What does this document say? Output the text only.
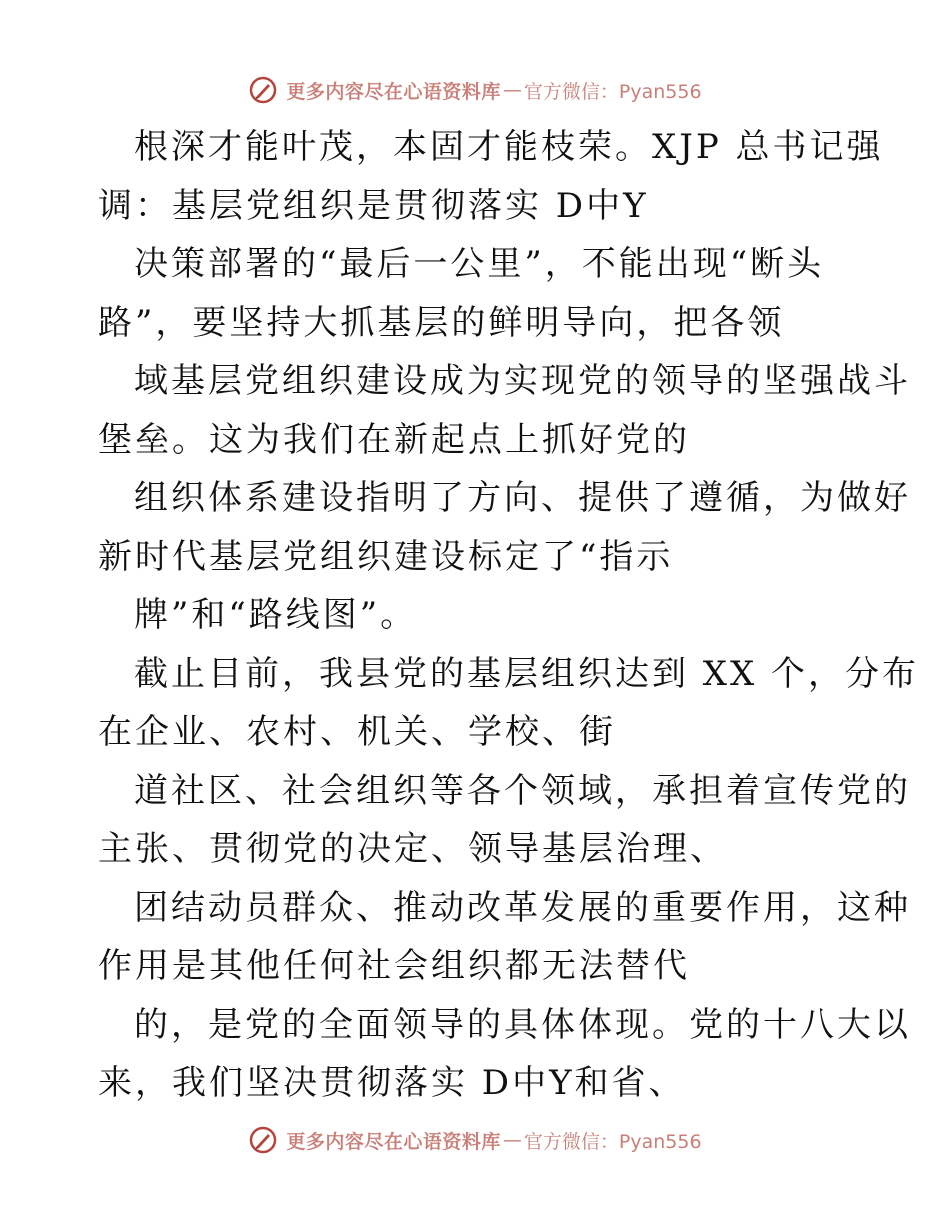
更多内容尽在心语资料库 — 官方微信：Pyan556
根深才能叶茂，本固才能枝荣。XJP 总书记强
调：基层党组织是贯彻落实 D中Y
决策部署的“最后一公里”，不能出现“断头
路”，要坚持大抓基层的鲜明导向，把各领
域基层党组织建设成为实现党的领导的坚强战斗
堡垒。这为我们在新起点上抓好党的
组织体系建设指明了方向、提供了遵循，为做好
新时代基层党组织建设标定了“指示
牌”和“路线图”。
截止目前，我县党的基层组织达到 XX 个，分布
在企业、农村、机关、学校、街
道社区、社会组织等各个领域，承担着宣传党的
主张、贯彻党的决定、领导基层治理、
团结动员群众、推动改革发展的重要作用，这种
作用是其他任何社会组织都无法替代
的，是党的全面领导的具体体现。党的十八大以
来，我们坚决贯彻落实 D中Y和省、
更多内容尽在心语资料库 — 官方微信：Pyan556
